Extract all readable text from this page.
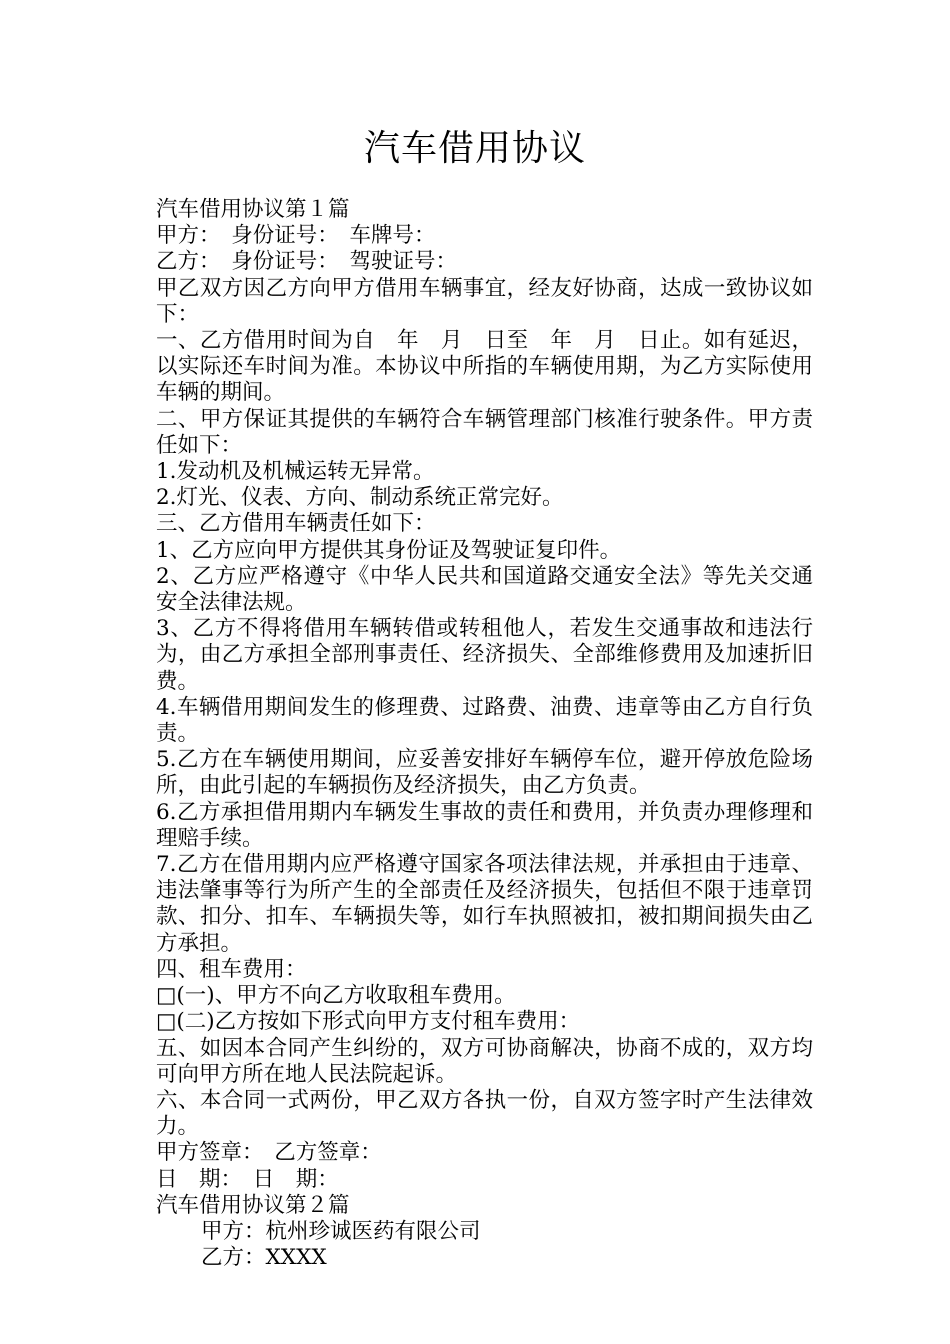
汽车借用协议

汽车借用协议第１篇

甲方：　身份证号：　车牌号：

乙方：　身份证号：　驾驶证号：

甲乙双方因乙方向甲方借用车辆事宜，经友好协商，达成一致协议如下：

一、乙方借用时间为自　年　月　日至　年　月　日止。如有延迟，以实际还车时间为准。本协议中所指的车辆使用期，为乙方实际使用车辆的期间。

二、甲方保证其提供的车辆符合车辆管理部门核准行驶条件。甲方责任如下：

1.发动机及机械运转无异常。

2.灯光、仪表、方向、制动系统正常完好。

三、乙方借用车辆责任如下：

1、乙方应向甲方提供其身份证及驾驶证复印件。

2、乙方应严格遵守《中华人民共和国道路交通安全法》等先关交通安全法律法规。

3、乙方不得将借用车辆转借或转租他人，若发生交通事故和违法行为，由乙方承担全部刑事责任、经济损失、全部维修费用及加速折旧费。

4.车辆借用期间发生的修理费、过路费、油费、违章等由乙方自行负责。

5.乙方在车辆使用期间，应妥善安排好车辆停车位，避开停放危险场所，由此引起的车辆损伤及经济损失，由乙方负责。

6.乙方承担借用期内车辆发生事故的责任和费用，并负责办理修理和理赔手续。

7.乙方在借用期内应严格遵守国家各项法律法规，并承担由于违章、违法肇事等行为所产生的全部责任及经济损失，包括但不限于违章罚款、扣分、扣车、车辆损失等，如行车执照被扣，被扣期间损失由乙方承担。

四、租车费用：

□(一)、甲方不向乙方收取租车费用。

□(二)乙方按如下形式向甲方支付租车费用：

五、如因本合同产生纠纷的，双方可协商解决，协商不成的，双方均可向甲方所在地人民法院起诉。

六、本合同一式两份，甲乙双方各执一份，自双方签字时产生法律效力。

甲方签章：　乙方签章：

日　期：　日　期：

汽车借用协议第２篇

甲方：杭州珍诚医药有限公司

乙方：XXXX
